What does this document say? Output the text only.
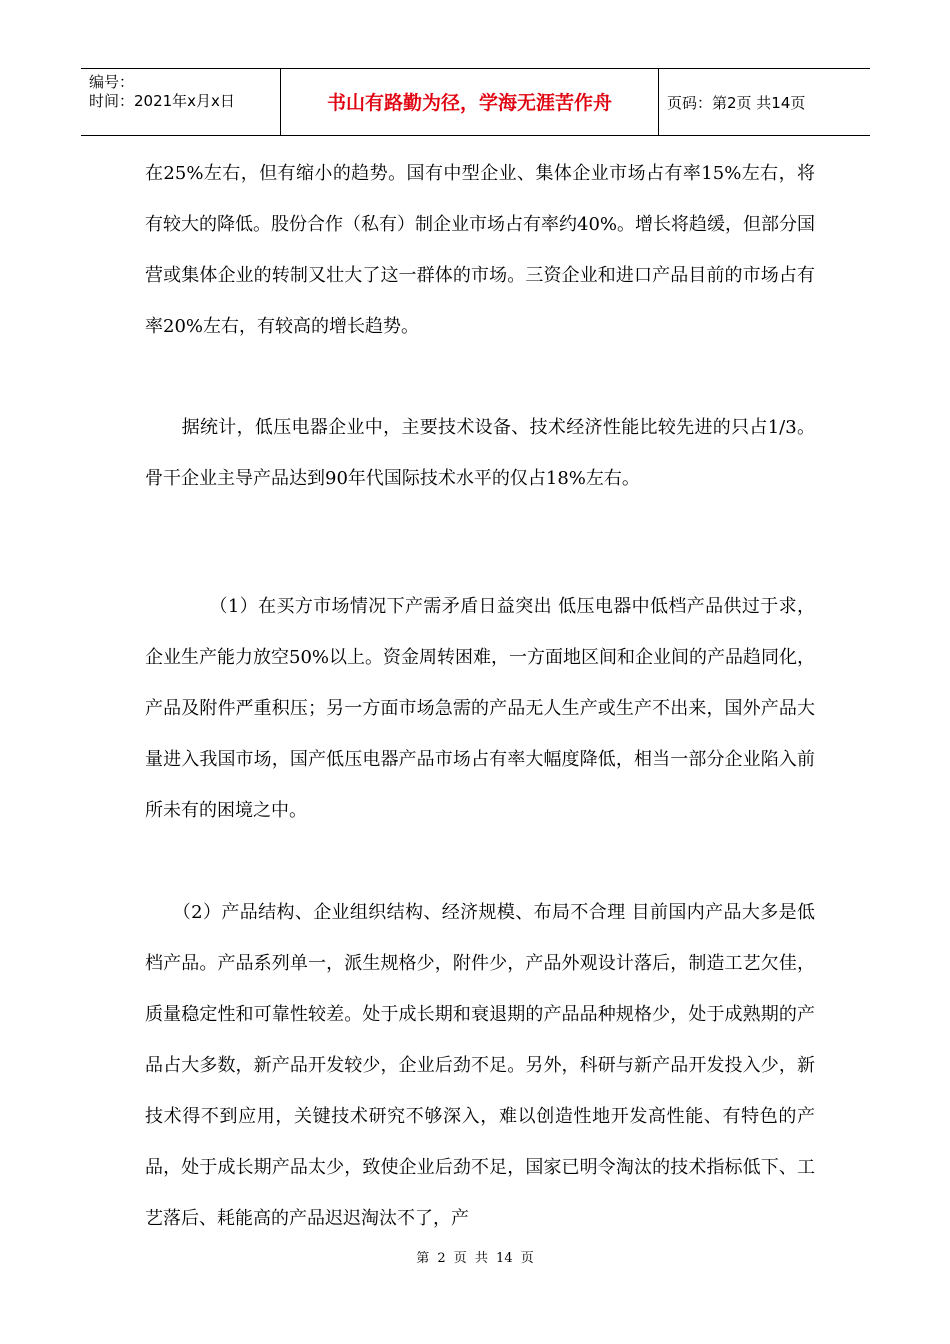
编号：
时间：2021年x月x日	书山有路勤为径，学海无涯苦作舟	页码：第2页 共14页

在25%左右，但有缩小的趋势。国有中型企业、集体企业市场占有率15%左右，将有较大的降低。股份合作（私有）制企业市场占有率约40%。增长将趋缓，但部分国营或集体企业的转制又壮大了这一群体的市场。三资企业和进口产品目前的市场占有率20%左右，有较高的增长趋势。

　　据统计，低压电器企业中，主要技术设备、技术经济性能比较先进的只占1/3。骨干企业主导产品达到90年代国际技术水平的仅占18%左右。

　　　　（1）在买方市场情况下产需矛盾日益突出 低压电器中低档产品供过于求，企业生产能力放空50%以上。资金周转困难，一方面地区间和企业间的产品趋同化，产品及附件严重积压；另一方面市场急需的产品无人生产或生产不出来，国外产品大量进入我国市场，国产低压电器产品市场占有率大幅度降低，相当一部分企业陷入前所未有的困境之中。

　　（2）产品结构、企业组织结构、经济规模、布局不合理 目前国内产品大多是低档产品。产品系列单一，派生规格少，附件少，产品外观设计落后，制造工艺欠佳，质量稳定性和可靠性较差。处于成长期和衰退期的产品品种规格少，处于成熟期的产品占大多数，新产品开发较少，企业后劲不足。另外，科研与新产品开发投入少，新技术得不到应用，关键技术研究不够深入，难以创造性地开发高性能、有特色的产品，处于成长期产品太少，致使企业后劲不足，国家已明令淘汰的技术指标低下、工艺落后、耗能高的产品迟迟淘汰不了，产

第 2 页 共 14 页
